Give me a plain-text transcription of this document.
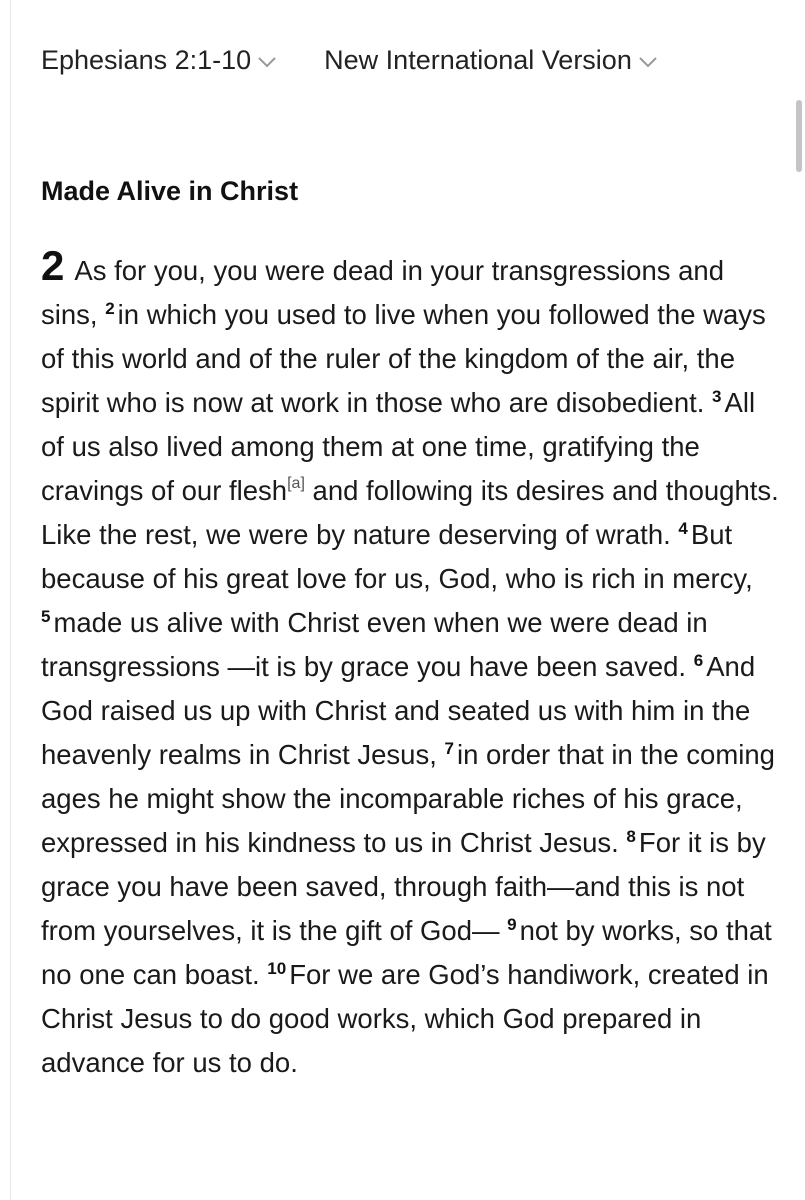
Ephesians 2:1-10	New International Version
Made Alive in Christ
2 As for you, you were dead in your transgressions and sins, $^2$ in which you used to live when you followed the ways of this world and of the ruler of the kingdom of the air, the spirit who is now at work in those who are disobedient. $^3$ All of us also lived among them at one time, gratifying the cravings of our flesh[a] and following its desires and thoughts. Like the rest, we were by nature deserving of wrath. $^4$ But because of his great love for us, God, who is rich in mercy, $^5$ made us alive with Christ even when we were dead in transgressions —it is by grace you have been saved. $^6$ And God raised us up with Christ and seated us with him in the heavenly realms in Christ Jesus, $^7$ in order that in the coming ages he might show the incomparable riches of his grace, expressed in his kindness to us in Christ Jesus. $^8$ For it is by grace you have been saved, through faith—and this is not from yourselves, it is the gift of God— $^9$ not by works, so that no one can boast. $^{10}$ For we are God’s handiwork, created in Christ Jesus to do good works, which God prepared in advance for us to do.
